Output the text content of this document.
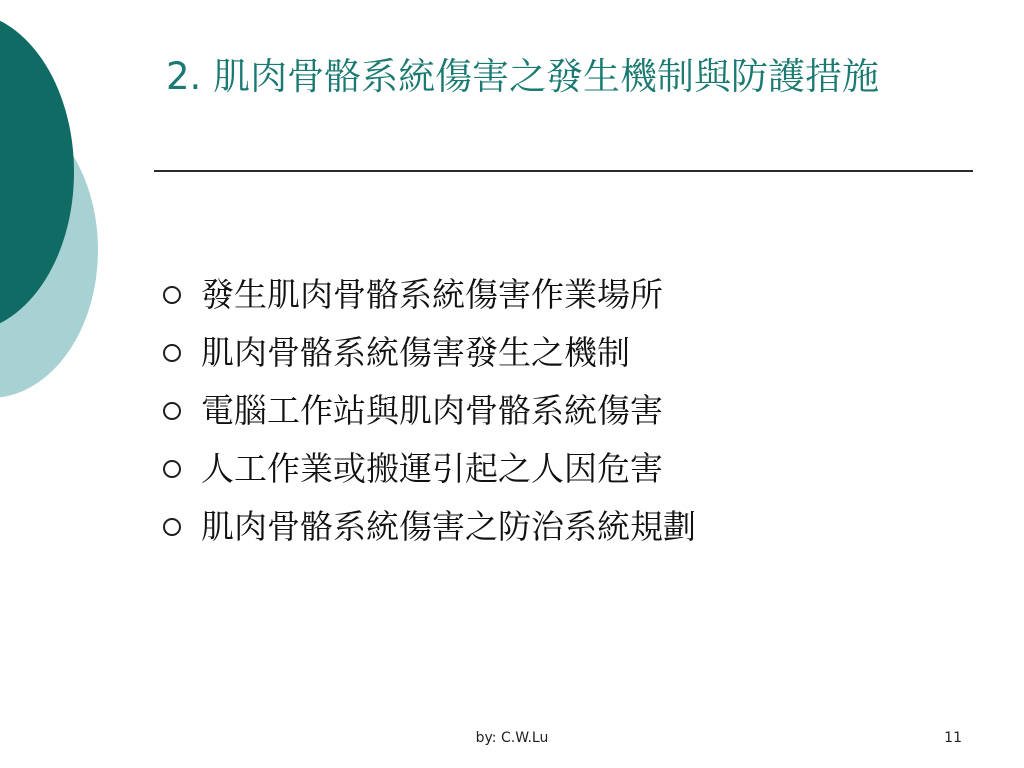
2. 肌肉骨骼系統傷害之發生機制與防護措施
發生肌肉骨骼系統傷害作業場所
肌肉骨骼系統傷害發生之機制
電腦工作站與肌肉骨骼系統傷害
人工作業或搬運引起之人因危害
肌肉骨骼系統傷害之防治系統規劃
by: C.W.Lu	11
